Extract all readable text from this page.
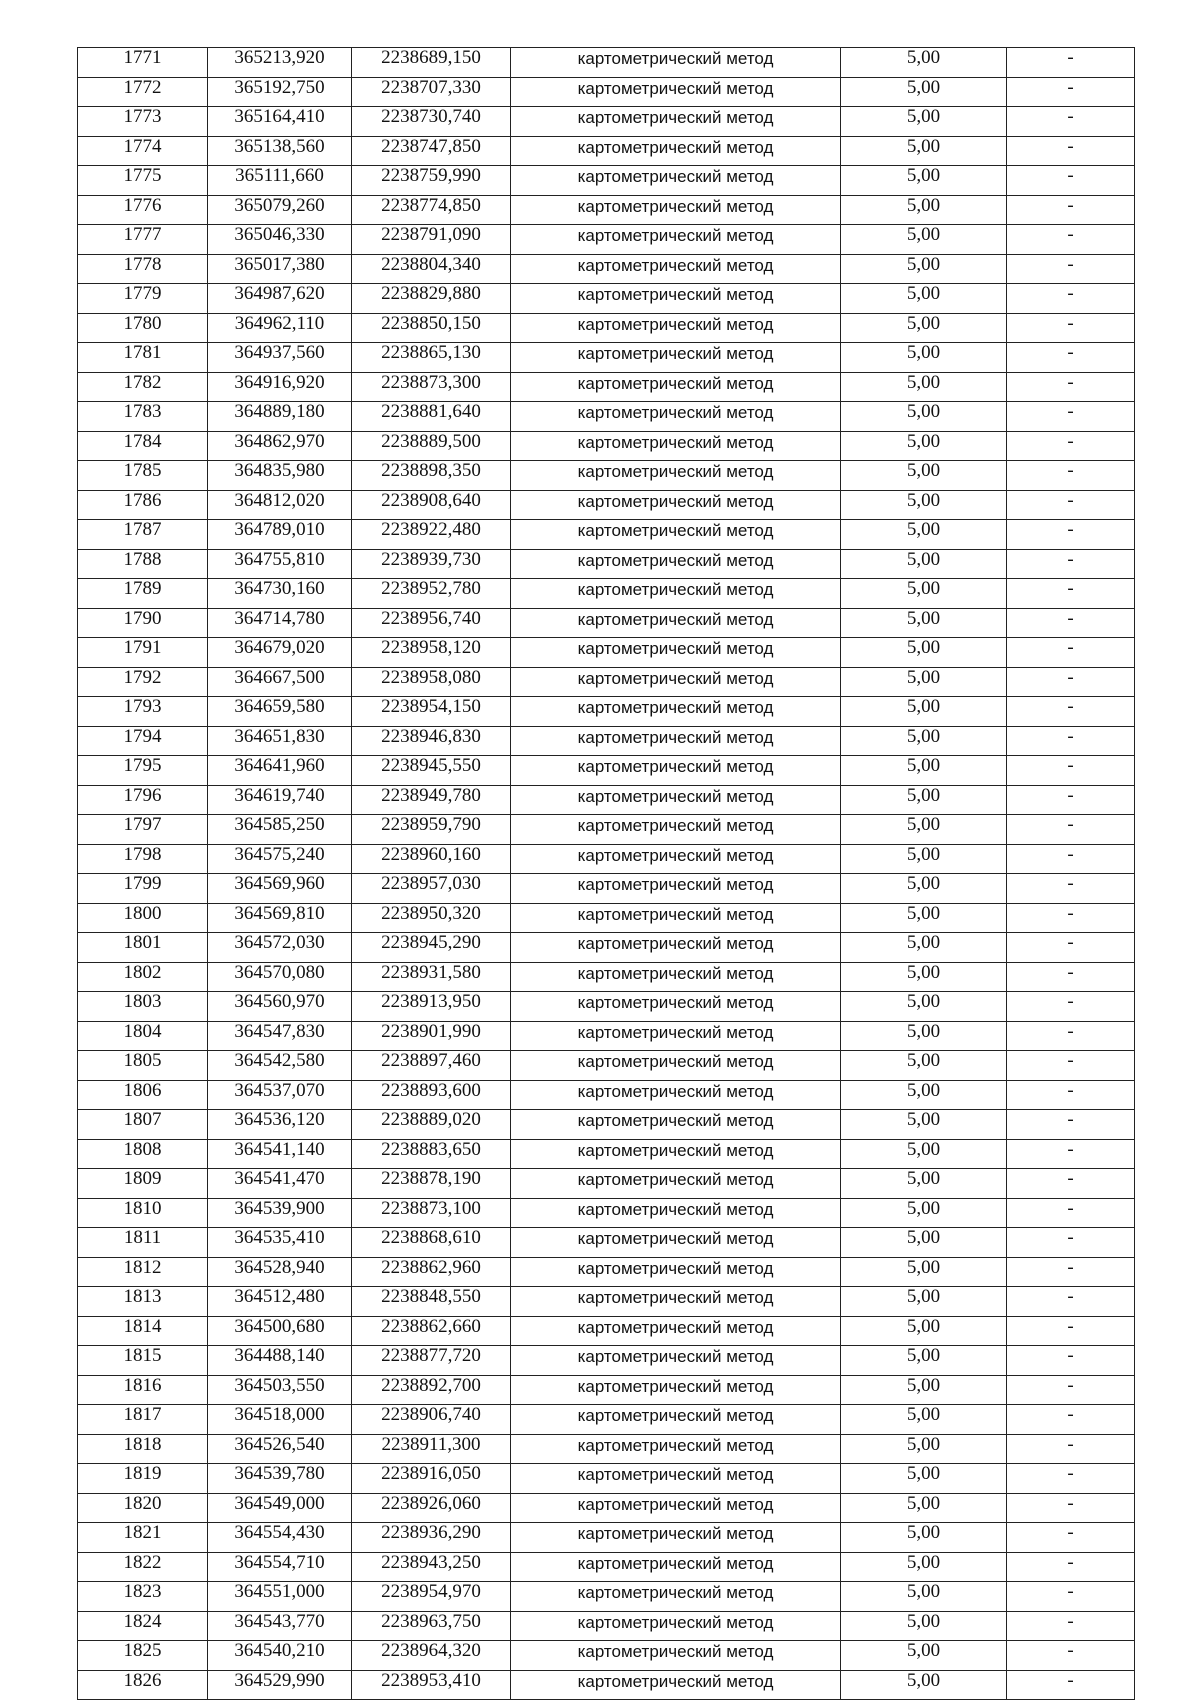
1771	365213,920	2238689,150	картометрический метод	5,00	-
1772	365192,750	2238707,330	картометрический метод	5,00	-
1773	365164,410	2238730,740	картометрический метод	5,00	-
1774	365138,560	2238747,850	картометрический метод	5,00	-
1775	365111,660	2238759,990	картометрический метод	5,00	-
1776	365079,260	2238774,850	картометрический метод	5,00	-
1777	365046,330	2238791,090	картометрический метод	5,00	-
1778	365017,380	2238804,340	картометрический метод	5,00	-
1779	364987,620	2238829,880	картометрический метод	5,00	-
1780	364962,110	2238850,150	картометрический метод	5,00	-
1781	364937,560	2238865,130	картометрический метод	5,00	-
1782	364916,920	2238873,300	картометрический метод	5,00	-
1783	364889,180	2238881,640	картометрический метод	5,00	-
1784	364862,970	2238889,500	картометрический метод	5,00	-
1785	364835,980	2238898,350	картометрический метод	5,00	-
1786	364812,020	2238908,640	картометрический метод	5,00	-
1787	364789,010	2238922,480	картометрический метод	5,00	-
1788	364755,810	2238939,730	картометрический метод	5,00	-
1789	364730,160	2238952,780	картометрический метод	5,00	-
1790	364714,780	2238956,740	картометрический метод	5,00	-
1791	364679,020	2238958,120	картометрический метод	5,00	-
1792	364667,500	2238958,080	картометрический метод	5,00	-
1793	364659,580	2238954,150	картометрический метод	5,00	-
1794	364651,830	2238946,830	картометрический метод	5,00	-
1795	364641,960	2238945,550	картометрический метод	5,00	-
1796	364619,740	2238949,780	картометрический метод	5,00	-
1797	364585,250	2238959,790	картометрический метод	5,00	-
1798	364575,240	2238960,160	картометрический метод	5,00	-
1799	364569,960	2238957,030	картометрический метод	5,00	-
1800	364569,810	2238950,320	картометрический метод	5,00	-
1801	364572,030	2238945,290	картометрический метод	5,00	-
1802	364570,080	2238931,580	картометрический метод	5,00	-
1803	364560,970	2238913,950	картометрический метод	5,00	-
1804	364547,830	2238901,990	картометрический метод	5,00	-
1805	364542,580	2238897,460	картометрический метод	5,00	-
1806	364537,070	2238893,600	картометрический метод	5,00	-
1807	364536,120	2238889,020	картометрический метод	5,00	-
1808	364541,140	2238883,650	картометрический метод	5,00	-
1809	364541,470	2238878,190	картометрический метод	5,00	-
1810	364539,900	2238873,100	картометрический метод	5,00	-
1811	364535,410	2238868,610	картометрический метод	5,00	-
1812	364528,940	2238862,960	картометрический метод	5,00	-
1813	364512,480	2238848,550	картометрический метод	5,00	-
1814	364500,680	2238862,660	картометрический метод	5,00	-
1815	364488,140	2238877,720	картометрический метод	5,00	-
1816	364503,550	2238892,700	картометрический метод	5,00	-
1817	364518,000	2238906,740	картометрический метод	5,00	-
1818	364526,540	2238911,300	картометрический метод	5,00	-
1819	364539,780	2238916,050	картометрический метод	5,00	-
1820	364549,000	2238926,060	картометрический метод	5,00	-
1821	364554,430	2238936,290	картометрический метод	5,00	-
1822	364554,710	2238943,250	картометрический метод	5,00	-
1823	364551,000	2238954,970	картометрический метод	5,00	-
1824	364543,770	2238963,750	картометрический метод	5,00	-
1825	364540,210	2238964,320	картометрический метод	5,00	-
1826	364529,990	2238953,410	картометрический метод	5,00	-
